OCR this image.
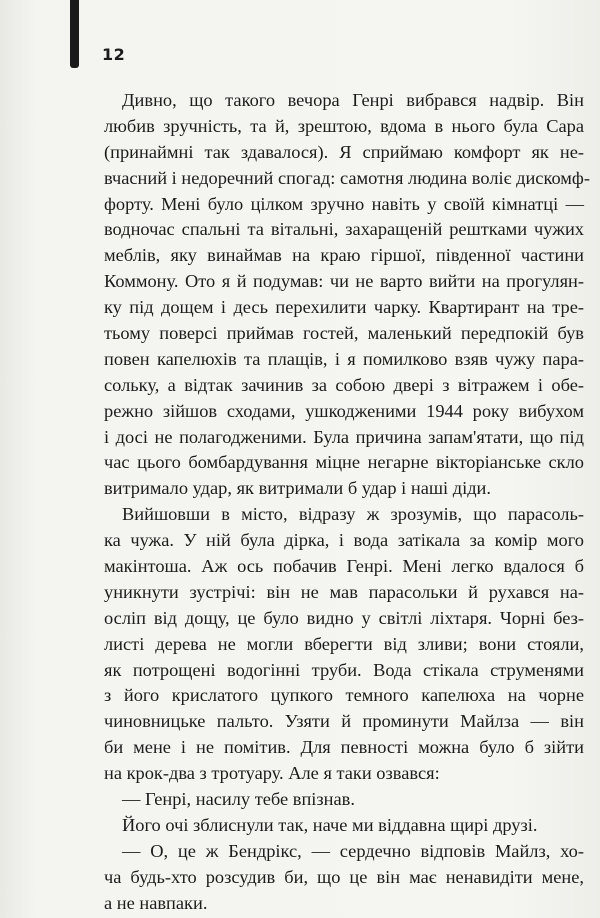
12
Дивно, що такого вечора Генрі вибрався надвір. Він
любив зручність, та й, зрештою, вдома в нього була Сара
(принаймні так здавалося). Я сприймаю комфорт як не-
вчасний і недоречний спогад: самотня людина воліє дискомф-
форту. Мені було цілком зручно навіть у своїй кімнатці —
водночас спальні та вітальні, захаращеній рештками чужих
меблів, яку винаймав на краю гіршої, південної частини
Коммону. Ото я й подумав: чи не варто вийти на прогулян-
ку під дощем і десь перехилити чарку. Квартирант на тре-
тьому поверсі приймав гостей, маленький передпокій був
повен капелюхів та плащів, і я помилково взяв чужу пара-
сольку, а відтак зачинив за собою двері з вітражем і обе-
режно зійшов сходами, ушкодженими 1944 року вибухом
і досі не полагодженими. Була причина запам'ятати, що під
час цього бомбардування міцне негарне вікторіанське скло
витримало удар, як витримали б удар і наші діди.
Вийшовши в місто, відразу ж зрозумів, що парасоль-
ка чужа. У ній була дірка, і вода затікала за комір мого
макінтоша. Аж ось побачив Генрі. Мені легко вдалося б
уникнути зустрічі: він не мав парасольки й рухався на-
осліп від дощу, це було видно у світлі ліхтаря. Чорні без-
листі дерева не могли вберегти від зливи; вони стояли,
як потрощені водогінні труби. Вода стікала струменями
з його крислатого цупкого темного капелюха на чорне
чиновницьке пальто. Узяти й проминути Майлза — він
би мене і не помітив. Для певності можна було б зійти
на крок-два з тротуару. Але я таки озвався:
— Генрі, насилу тебе впізнав.
Його очі зблиснули так, наче ми віддавна щирі друзі.
— О, це ж Бендрікс, — сердечно відповів Майлз, хо-
ча будь-хто розсудив би, що це він має ненавидіти мене,
а не навпаки.
